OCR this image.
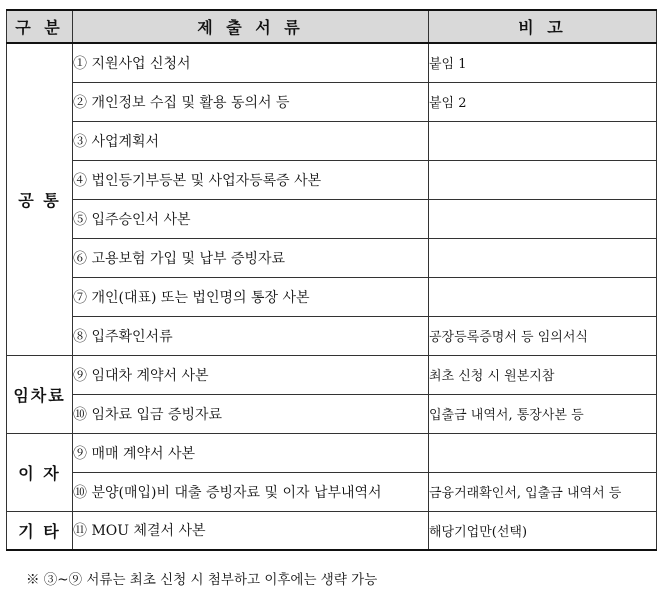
구 분	제 출 서 류	비 고
공 통	① 지원사업 신청서	붙임 1
	② 개인정보 수집 및 활용 동의서 등	붙임 2
	③ 사업계획서	
	④ 법인등기부등본 및 사업자등록증 사본	
	⑤ 입주승인서 사본	
	⑥ 고용보험 가입 및 납부 증빙자료	
	⑦ 개인(대표) 또는 법인명의 통장 사본	
	⑧ 입주확인서류	공장등록증명서 등 임의서식
임차료	⑨ 임대차 계약서 사본	최초 신청 시 원본지참
	⑩ 임차료 입금 증빙자료	입출금 내역서, 통장사본 등
이 자	⑨ 매매 계약서 사본	
	⑩ 분양(매입)비 대출 증빙자료 및 이자 납부내역서	금융거래확인서, 입출금 내역서 등
기 타	⑪ MOU 체결서 사본	해당기업만(선택)
※ ③~⑨ 서류는 최초 신청 시 첨부하고 이후에는 생략 가능
